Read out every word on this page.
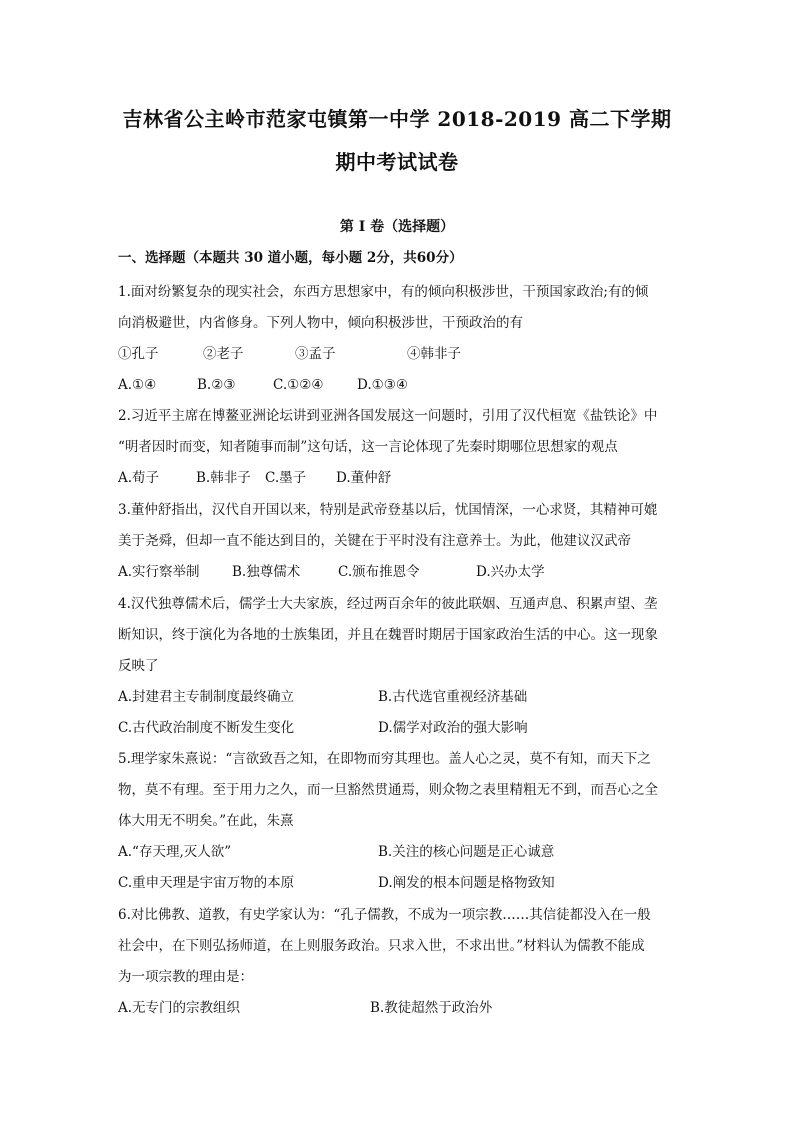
吉林省公主岭市范家屯镇第一中学 2018-2019 高二下学期
期中考试试卷
第 I 卷（选择题）
一、选择题（本题共 30 道小题，每小题 2分，共60分）
1.面对纷繁复杂的现实社会，东西方思想家中，有的倾向积极涉世，干预国家政治;有的倾
向消极避世，内省修身。下列人物中，倾向积极涉世，干预政治的有
①孔子	②老子	③孟子	④韩非子
A.①④	B.②③	C.①②④ D.①③④
2.习近平主席在博鳌亚洲论坛讲到亚洲各国发展这一问题时，引用了汉代桓宽《盐铁论》中
“明者因时而变，知者随事而制”这句话，这一言论体现了先秦时期哪位思想家的观点
A.荀子	B.韩非子 C.墨子 D.董仲舒
3.董仲舒指出，汉代自开国以来，特别是武帝登基以后，忧国情深，一心求贤，其精神可媲
美于尧舜，但却一直不能达到目的，关键在于平时没有注意养士。为此，他建议汉武帝
A.实行察举制 B.独尊儒术	C.颁布推恩令	D.兴办太学
4.汉代独尊儒术后，儒学士大夫家族，经过两百余年的彼此联姻、互通声息、积累声望、垄
断知识，终于演化为各地的士族集团，并且在魏晋时期居于国家政治生活的中心。这一现象
反映了
A.封建君主专制制度最终确立	B.古代选官重视经济基础
C.古代政治制度不断发生变化	D.儒学对政治的强大影响
5.理学家朱熹说：“言欲致吾之知，在即物而穷其理也。盖人心之灵，莫不有知，而天下之
物，莫不有理。至于用力之久，而一旦豁然贯通焉，则众物之表里精粗无不到，而吾心之全
体大用无不明矣。”在此，朱熹
A.“存天理,灭人欲”	B.关注的核心问题是正心诚意
C.重申天理是宇宙万物的本原	D.阐发的根本问题是格物致知
6.对比佛教、道教，有史学家认为：“孔子儒教，不成为一项宗教……其信徒都没入在一般
社会中，在下则弘扬师道，在上则服务政治。只求入世，不求出世。”材料认为儒教不能成
为一项宗教的理由是：
A.无专门的宗教组织	B.教徒超然于政治外
